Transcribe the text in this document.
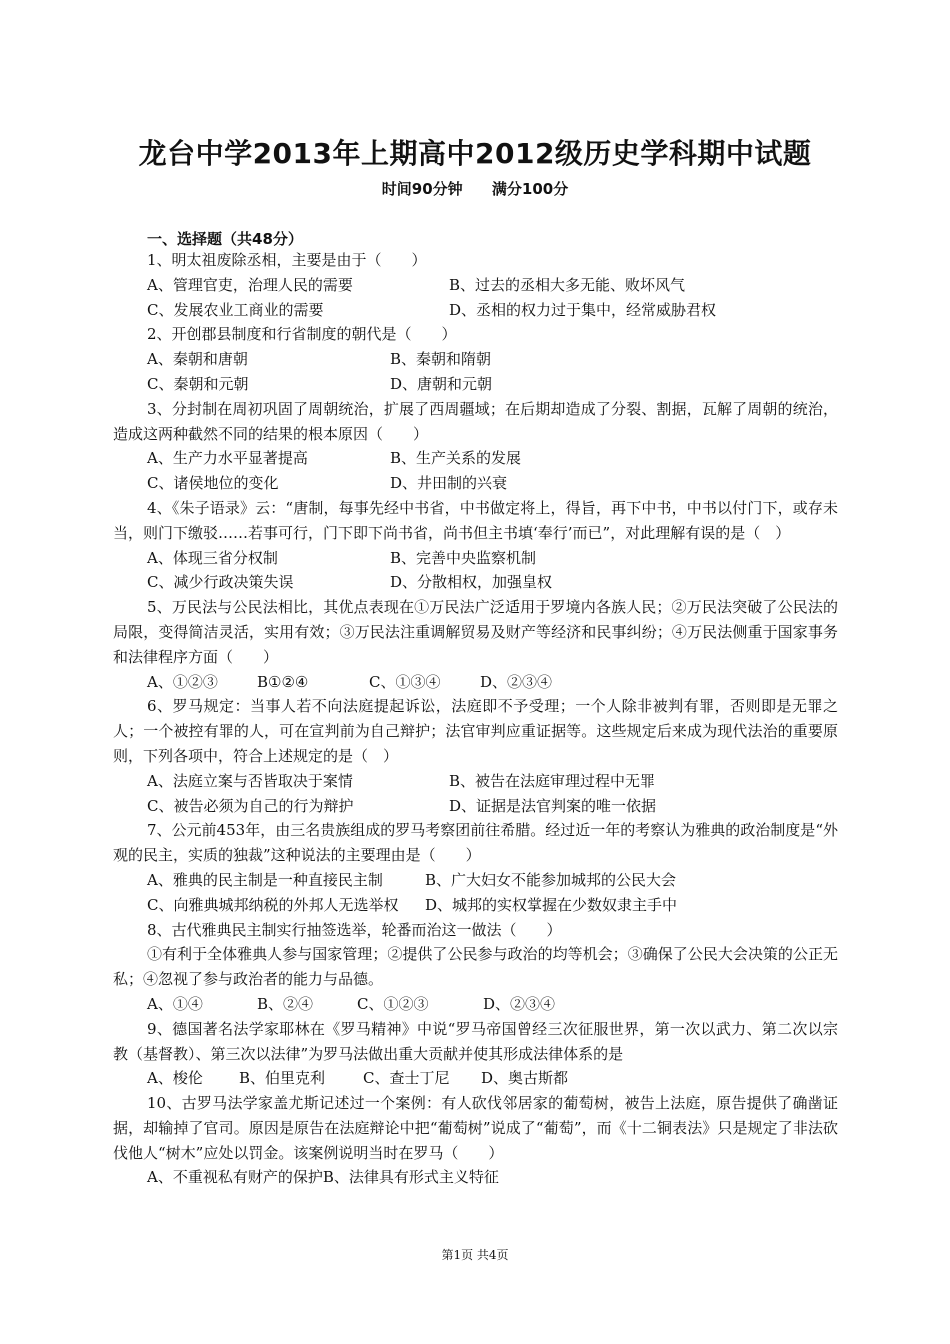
龙台中学2013年上期高中2012级历史学科期中试题
时间90分钟 满分100分
一、选择题（共48分）

1、明太祖废除丞相，主要是由于（　　）

A、管理官吏，治理人民的需要	B、过去的丞相大多无能、败坏风气

C、发展农业工商业的需要	D、丞相的权力过于集中，经常威胁君权

2、开创郡县制度和行省制度的朝代是（　　）

A、秦朝和唐朝	B、秦朝和隋朝

C、秦朝和元朝	D、唐朝和元朝

3、分封制在周初巩固了周朝统治，扩展了西周疆域；在后期却造成了分裂、割据，瓦解了周朝的统治，造成这两种截然不同的结果的根本原因（　　）

A、生产力水平显著提高	B、生产关系的发展

C、诸侯地位的变化	D、井田制的兴衰

4、《朱子语录》云：“唐制，每事先经中书省，中书做定将上，得旨，再下中书，中书以付门下，或存未当，则门下缴驳……若事可行，门下即下尚书省，尚书但主书填‘奉行’而已”，对此理解有误的是（　）

A、体现三省分权制	B、完善中央监察机制

C、减少行政决策失误	D、分散相权，加强皇权

5、万民法与公民法相比，其优点表现在①万民法广泛适用于罗境内各族人民；②万民法突破了公民法的局限，变得简洁灵活，实用有效；③万民法注重调解贸易及财产等经济和民事纠纷；④万民法侧重于国家事务和法律程序方面（　　）

A、①②③	B①②④	C、①③④	D、②③④

6、罗马规定：当事人若不向法庭提起诉讼，法庭即不予受理；一个人除非被判有罪，否则即是无罪之人；一个被控有罪的人，可在宣判前为自己辩护；法官审判应重证据等。这些规定后来成为现代法治的重要原则，下列各项中，符合上述规定的是（　）

A、法庭立案与否皆取决于案情	B、被告在法庭审理过程中无罪

C、被告必须为自己的行为辩护	D、证据是法官判案的唯一依据

7、公元前453年，由三名贵族组成的罗马考察团前往希腊。经过近一年的考察认为雅典的政治制度是“外观的民主，实质的独裁”这种说法的主要理由是（　　）

A、雅典的民主制是一种直接民主制	B、广大妇女不能参加城邦的公民大会

C、向雅典城邦纳税的外邦人无选举权 D、城邦的实权掌握在少数奴隶主手中

8、古代雅典民主制实行抽签选举，轮番而治这一做法（　　）

①有利于全体雅典人参与国家管理；②提供了公民参与政治的均等机会；③确保了公民大会决策的公正无私；④忽视了参与政治者的能力与品德。

A、①④	B、②④	C、①②③	D、②③④

9、德国著名法学家耶林在《罗马精神》中说“罗马帝国曾经三次征服世界，第一次以武力、第二次以宗教（基督教）、第三次以法律”为罗马法做出重大贡献并使其形成法律体系的是

A、梭伦 B、伯里克利	C、查士丁尼 D、奥古斯都

10、古罗马法学家盖尤斯记述过一个案例：有人砍伐邻居家的葡萄树，被告上法庭，原告提供了确凿证据，却输掉了官司。原因是原告在法庭辩论中把“葡萄树”说成了“葡萄”，而《十二铜表法》只是规定了非法砍伐他人“树木”应处以罚金。该案例说明当时在罗马（　　）

A、不重视私有财产的保护B、法律具有形式主义特征

第1页 共4页
